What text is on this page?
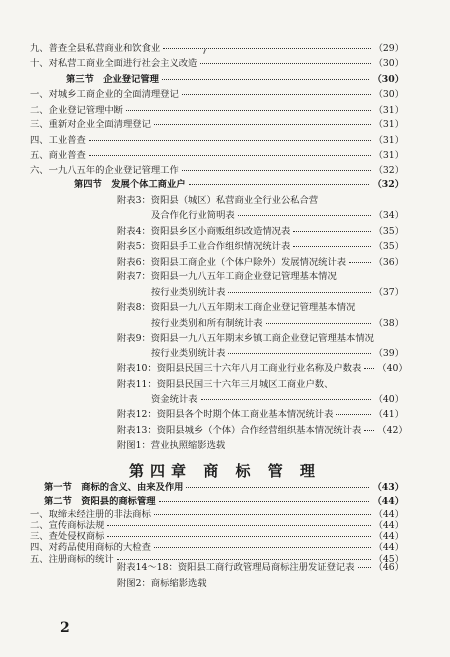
九、普查全县私营商业和饮食业	（29）
十、对私营工商业全面进行社会主义改造	（30）
第三节　企业登记管理	（30）
一、对城乡工商企业的全面清理登记	（30）
二、企业登记管理中断	（31）
三、重新对企业全面清理登记	（31）
四、工业普查	（31）
五、商业普查	（31）
六、一九八五年的企业登记管理工作	（32）
第四节　发展个体工商业户	（32）
附表3：资阳县（城区）私营商业全行业公私合营
及合作化行业简明表	（34）
附表4：资阳县乡区小商贩组织改造情况表	（35）
附表5：资阳县手工业合作组织情况统计表	（35）
附表6：资阳县工商企业（个体户除外）发展情况统计表	（36）
附表7：资阳县一九八五年工商企业登记管理基本情况
按行业类别统计表	（37）
附表8：资阳县一九八五年期末工商企业登记管理基本情况
按行业类别和所有制统计表	（38）
附表9：资阳县一九八五年期末乡镇工商企业登记管理基本情况
按行业类别统计表	（39）
附表10：资阳县民国三十六年八月工商业行业名称及户数表 （40）
附表11：资阳县民国三十六年三月城区工商业户数、
资金统计表	（40）
附表12：资阳县各个时期个体工商业基本情况统计表	（41）
附表13：资阳县城乡（个体）合作经营组织基本情况统计表 （42）
附图1：营业执照缩影选载
第四章 商 标 管 理
第一节　商标的含义、由来及作用	（43）
第二节　资阳县的商标管理	（44）
一、取缔未经注册的非法商标	（44）
二、宣传商标法规	（44）
三、查处侵权商标	（44）
四、对药品使用商标的大检查	（44）
五、注册商标的统计	（45）
附表14～18：资阳县工商行政管理局商标注册发证登记表 （46）
附图2：商标缩影选载
2
